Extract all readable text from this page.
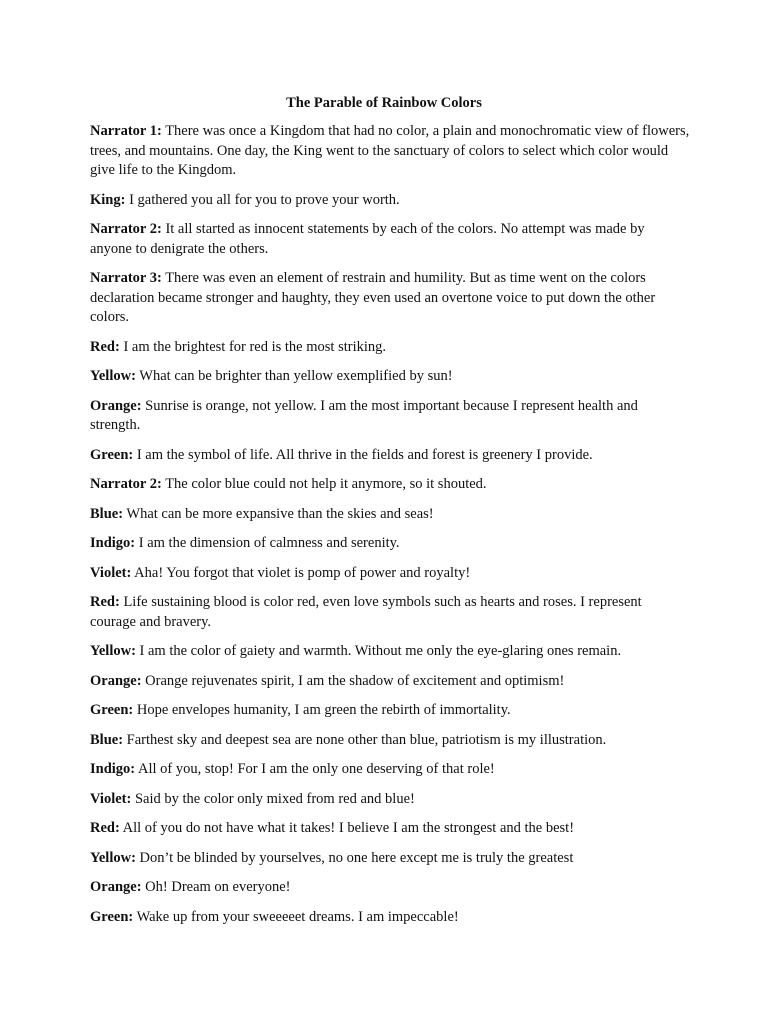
The Parable of Rainbow Colors

Narrator 1: There was once a Kingdom that had no color, a plain and monochromatic view of flowers, trees, and mountains. One day, the King went to the sanctuary of colors to select which color would give life to the Kingdom.

King: I gathered you all for you to prove your worth.

Narrator 2: It all started as innocent statements by each of the colors. No attempt was made by anyone to denigrate the others.

Narrator 3: There was even an element of restrain and humility. But as time went on the colors declaration became stronger and haughty, they even used an overtone voice to put down the other colors.

Red: I am the brightest for red is the most striking.

Yellow: What can be brighter than yellow exemplified by sun!

Orange: Sunrise is orange, not yellow. I am the most important because I represent health and strength.

Green: I am the symbol of life. All thrive in the fields and forest is greenery I provide.

Narrator 2: The color blue could not help it anymore, so it shouted.

Blue: What can be more expansive than the skies and seas!

Indigo: I am the dimension of calmness and serenity.

Violet: Aha! You forgot that violet is pomp of power and royalty!

Red: Life sustaining blood is color red, even love symbols such as hearts and roses. I represent courage and bravery.

Yellow: I am the color of gaiety and warmth. Without me only the eye-glaring ones remain.

Orange: Orange rejuvenates spirit, I am the shadow of excitement and optimism!

Green: Hope envelopes humanity, I am green the rebirth of immortality.

Blue: Farthest sky and deepest sea are none other than blue, patriotism is my illustration.

Indigo: All of you, stop! For I am the only one deserving of that role!

Violet: Said by the color only mixed from red and blue!

Red: All of you do not have what it takes! I believe I am the strongest and the best!

Yellow: Don’t be blinded by yourselves, no one here except me is truly the greatest

Orange: Oh! Dream on everyone!

Green: Wake up from your sweeeeet dreams. I am impeccable!
